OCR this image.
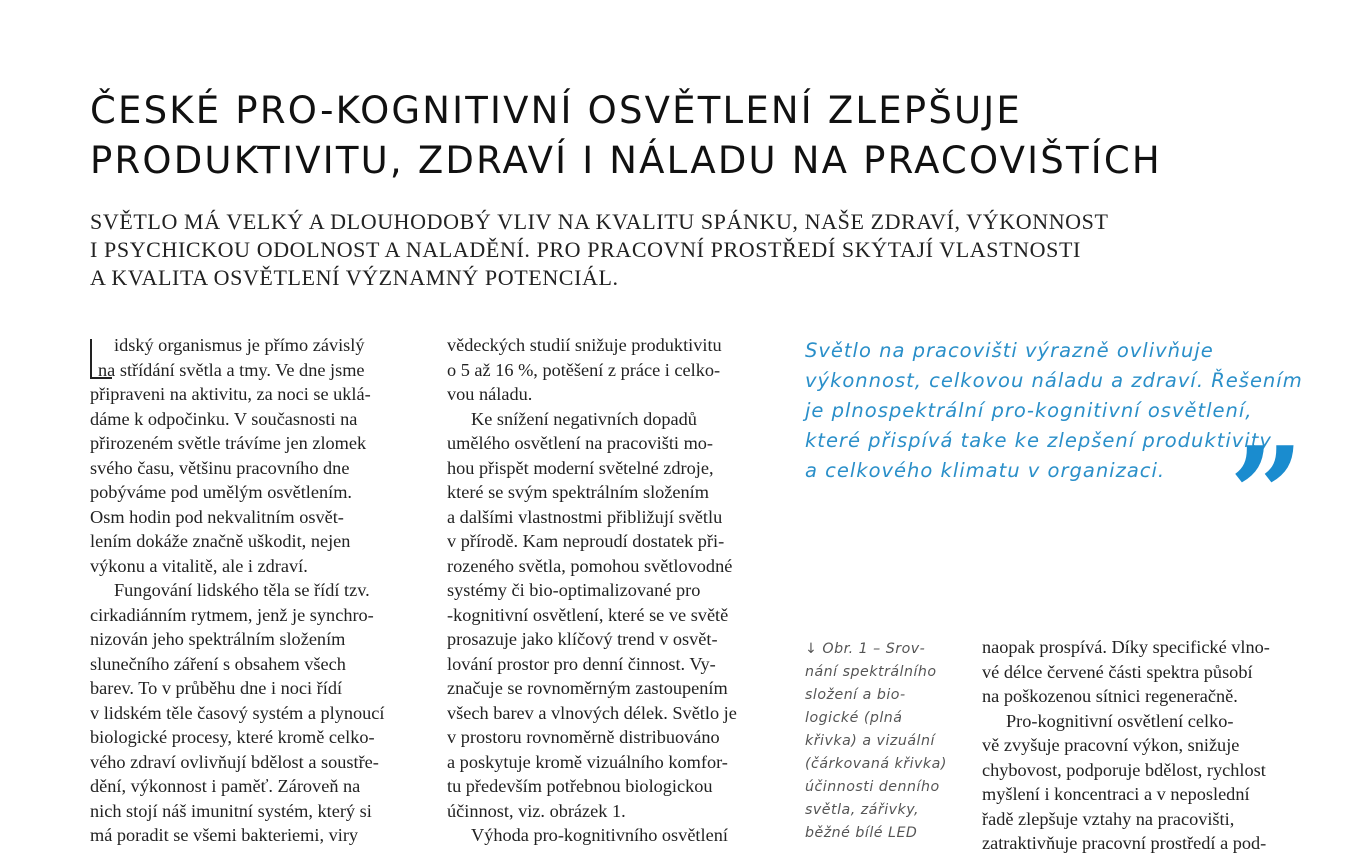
ČESKÉ PRO-KOGNITIVNÍ OSVĚTLENÍ ZLEPŠUJE
PRODUKTIVITU, ZDRAVÍ I NÁLADU NA PRACOVIŠTÍCH

SVĚTLO MÁ VELKÝ A DLOUHODOBÝ VLIV NA KVALITU SPÁNKU, NAŠE ZDRAVÍ, VÝKONNOST
I PSYCHICKOU ODOLNOST A NALADĚNÍ. PRO PRACOVNÍ PROSTŘEDÍ SKÝTAJÍ VLASTNOSTI
A KVALITA OSVĚTLENÍ VÝZNAMNÝ POTENCIÁL.

idský organismus je přímo závislý
na střídání světla a tmy. Ve dne jsme
připraveni na aktivitu, za noci se uklá-
dáme k odpočinku. V současnosti na
přirozeném světle trávíme jen zlomek
svého času, většinu pracovního dne
pobýváme pod umělým osvětlením.
Osm hodin pod nekvalitním osvět-
lením dokáže značně uškodit, nejen
výkonu a vitalitě, ale i zdraví.
Fungování lidského těla se řídí tzv.
cirkadiánním rytmem, jenž je synchro-
nizován jeho spektrálním složením
slunečního záření s obsahem všech
barev. To v průběhu dne i noci řídí
v lidském těle časový systém a plynoucí
biologické procesy, které kromě celko-
vého zdraví ovlivňují bdělost a soustře-
dění, výkonnost i paměť. Zároveň na
nich stojí náš imunitní systém, který si
má poradit se všemi bakteriemi, viry
vědeckých studií snižuje produktivitu
o 5 až 16 %, potěšení z práce i celko-
vou náladu.
Ke snížení negativních dopadů
umělého osvětlení na pracovišti mo-
hou přispět moderní světelné zdroje,
které se svým spektrálním složením
a dalšími vlastnostmi přibližují světlu
v přírodě. Kam neproudí dostatek při-
rozeného světla, pomohou světlovodné
systémy či bio-optimalizované pro
-kognitivní osvětlení, které se ve světě
prosazuje jako klíčový trend v osvět-
lování prostor pro denní činnost. Vy-
značuje se rovnoměrným zastoupením
všech barev a vlnových délek. Světlo je
v prostoru rovnoměrně distribuováno
a poskytuje kromě vizuálního komfor-
tu především potřebnou biologickou
účinnost, viz. obrázek 1.
Výhoda pro-kognitivního osvětlení
Světlo na pracovišti výrazně ovlivňuje
výkonnost, celkovou náladu a zdraví. Řešením
je plnospektrální pro-kognitivní osvětlení,
které přispívá take ke zlepšení produktivity
a celkového klimatu v organizaci. ”
↓ Obr. 1 – Srov-
nání spektrálního
složení a bio-
logické (plná
křivka) a vizuální
(čárkovaná křivka)
účinnosti denního
světla, zářivky,
běžné bílé LED
naopak prospívá. Díky specifické vlno-
vé délce červené části spektra působí
na poškozenou sítnici regeneračně.
Pro-kognitivní osvětlení celko-
vě zvyšuje pracovní výkon, snižuje
chybovost, podporuje bdělost, rychlost
myšlení i koncentraci a v neposlední
řadě zlepšuje vztahy na pracovišti,
zatraktivňuje pracovní prostředí a pod-
